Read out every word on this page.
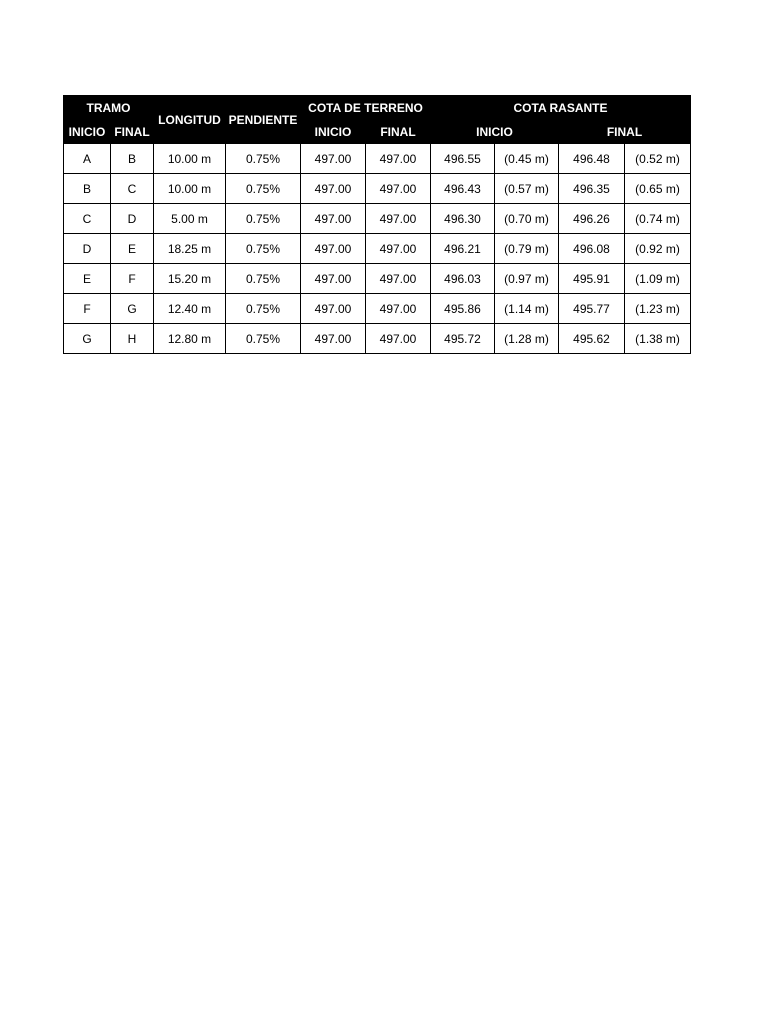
TRAMO		LONGITUD	PENDIENTE	COTA DE TERRENO		COTA RASANTE			
INICIO	FINAL			INICIO	FINAL	INICIO		FINAL	
A	B	10.00 m	0.75%	497.00	497.00	496.55	(0.45 m)	496.48	(0.52 m)
B	C	10.00 m	0.75%	497.00	497.00	496.43	(0.57 m)	496.35	(0.65 m)
C	D	5.00 m	0.75%	497.00	497.00	496.30	(0.70 m)	496.26	(0.74 m)
D	E	18.25 m	0.75%	497.00	497.00	496.21	(0.79 m)	496.08	(0.92 m)
E	F	15.20 m	0.75%	497.00	497.00	496.03	(0.97 m)	495.91	(1.09 m)
F	G	12.40 m	0.75%	497.00	497.00	495.86	(1.14 m)	495.77	(1.23 m)
G	H	12.80 m	0.75%	497.00	497.00	495.72	(1.28 m)	495.62	(1.38 m)
